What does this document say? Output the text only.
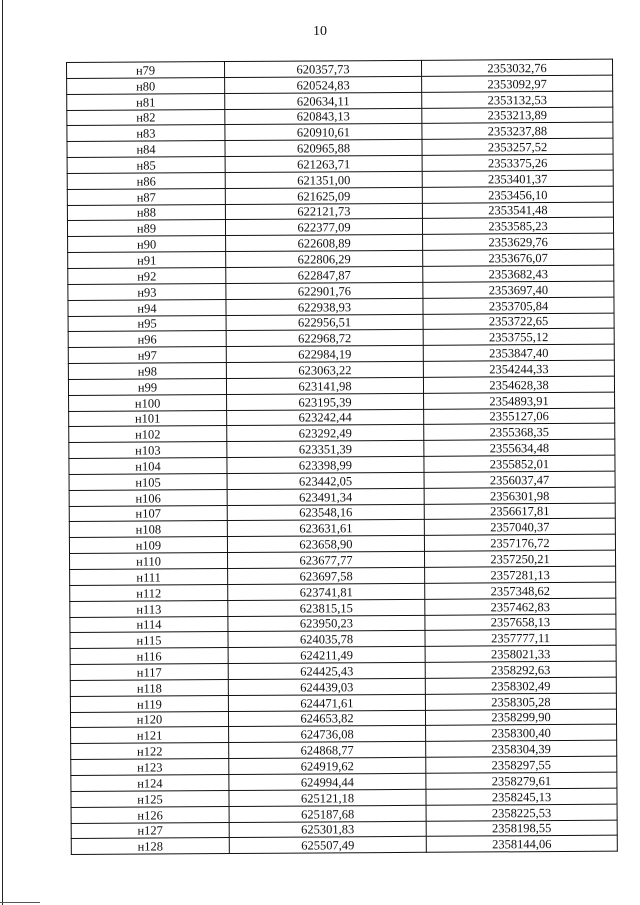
10
н79	620357,73	2353032,76
н80	620524,83	2353092,97
н81	620634,11	2353132,53
н82	620843,13	2353213,89
н83	620910,61	2353237,88
н84	620965,88	2353257,52
н85	621263,71	2353375,26
н86	621351,00	2353401,37
н87	621625,09	2353456,10
н88	622121,73	2353541,48
н89	622377,09	2353585,23
н90	622608,89	2353629,76
н91	622806,29	2353676,07
н92	622847,87	2353682,43
н93	622901,76	2353697,40
н94	622938,93	2353705,84
н95	622956,51	2353722,65
н96	622968,72	2353755,12
н97	622984,19	2353847,40
н98	623063,22	2354244,33
н99	623141,98	2354628,38
н100	623195,39	2354893,91
н101	623242,44	2355127,06
н102	623292,49	2355368,35
н103	623351,39	2355634,48
н104	623398,99	2355852,01
н105	623442,05	2356037,47
н106	623491,34	2356301,98
н107	623548,16	2356617,81
н108	623631,61	2357040,37
н109	623658,90	2357176,72
н110	623677,77	2357250,21
н111	623697,58	2357281,13
н112	623741,81	2357348,62
н113	623815,15	2357462,83
н114	623950,23	2357658,13
н115	624035,78	2357777,11
н116	624211,49	2358021,33
н117	624425,43	2358292,63
н118	624439,03	2358302,49
н119	624471,61	2358305,28
н120	624653,82	2358299,90
н121	624736,08	2358300,40
н122	624868,77	2358304,39
н123	624919,62	2358297,55
н124	624994,44	2358279,61
н125	625121,18	2358245,13
н126	625187,68	2358225,53
н127	625301,83	2358198,55
н128	625507,49	2358144,06
